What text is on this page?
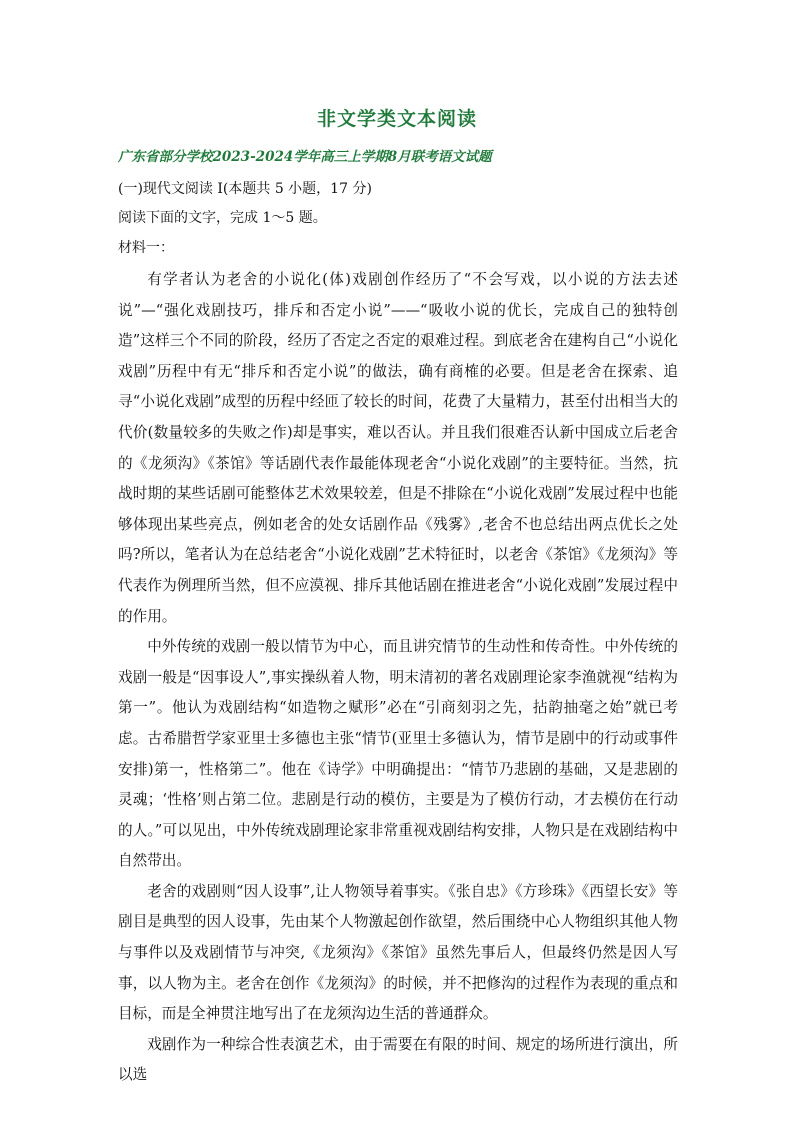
非文学类文本阅读
广东省部分学校2023-2024学年高三上学期8月联考语文试题
(一)现代文阅读 I(本题共 5 小题，17 分)
阅读下面的文字，完成 1～5 题。
材料一：

有学者认为老舍的小说化(体)戏剧创作经历了“不会写戏，以小说的方法去述说”—“强化戏剧技巧，排斥和否定小说”——“吸收小说的优长，完成自己的独特创造”这样三个不同的阶段，经历了否定之否定的艰难过程。到底老舍在建构自己“小说化戏剧”历程中有无“排斥和否定小说”的做法，确有商榷的必要。但是老舍在探索、追寻“小说化戏剧”成型的历程中经匝了较长的时间，花费了大量精力，甚至付出相当大的代价(数量较多的失败之作)却是事实，难以否认。并且我们很难否认新中国成立后老舍的《龙须沟》《茶馆》等话剧代表作最能体现老舍“小说化戏剧”的主要特征。当然，抗战时期的某些话剧可能整体艺术效果较差，但是不排除在“小说化戏剧”发展过程中也能够体现出某些亮点，例如老舍的处女话剧作品《残雾》,老舍不也总结出两点优长之处吗?所以，笔者认为在总结老舍“小说化戏剧”艺术特征时，以老舍《茶馆》《龙须沟》等代表作为例理所当然，但不应漠视、排斥其他话剧在推进老舍“小说化戏剧”发展过程中的作用。

中外传统的戏剧一般以情节为中心，而且讲究情节的生动性和传奇性。中外传统的戏剧一般是“因事设人”,事实操纵着人物，明末清初的著名戏剧理论家李渔就视“结构为第一”。他认为戏剧结构“如造物之赋形”必在“引商刻羽之先，拈韵抽毫之始”就已考虑。古希腊哲学家亚里士多德也主张“情节(亚里士多德认为，情节是剧中的行动或事件安排)第一，性格第二”。他在《诗学》中明确提出：“情节乃悲剧的基础，又是悲剧的灵魂；‘性格’则占第二位。悲剧是行动的模仿，主要是为了模仿行动，才去模仿在行动的人。”可以见出，中外传统戏剧理论家非常重视戏剧结构安排，人物只是在戏剧结构中自然带出。

老舍的戏剧则“因人设事”,让人物领导着事实。《张自忠》《方珍珠》《西望长安》等剧目是典型的因人设事，先由某个人物激起创作欲望，然后围绕中心人物组织其他人物与事件以及戏剧情节与冲突,《龙须沟》《茶馆》虽然先事后人，但最终仍然是因人写事，以人物为主。老舍在创作《龙须沟》的时候，并不把修沟的过程作为表现的重点和目标，而是全神贯注地写出了在龙须沟边生活的普通群众。

戏剧作为一种综合性表演艺术，由于需要在有限的时间、规定的场所进行演出，所以选
